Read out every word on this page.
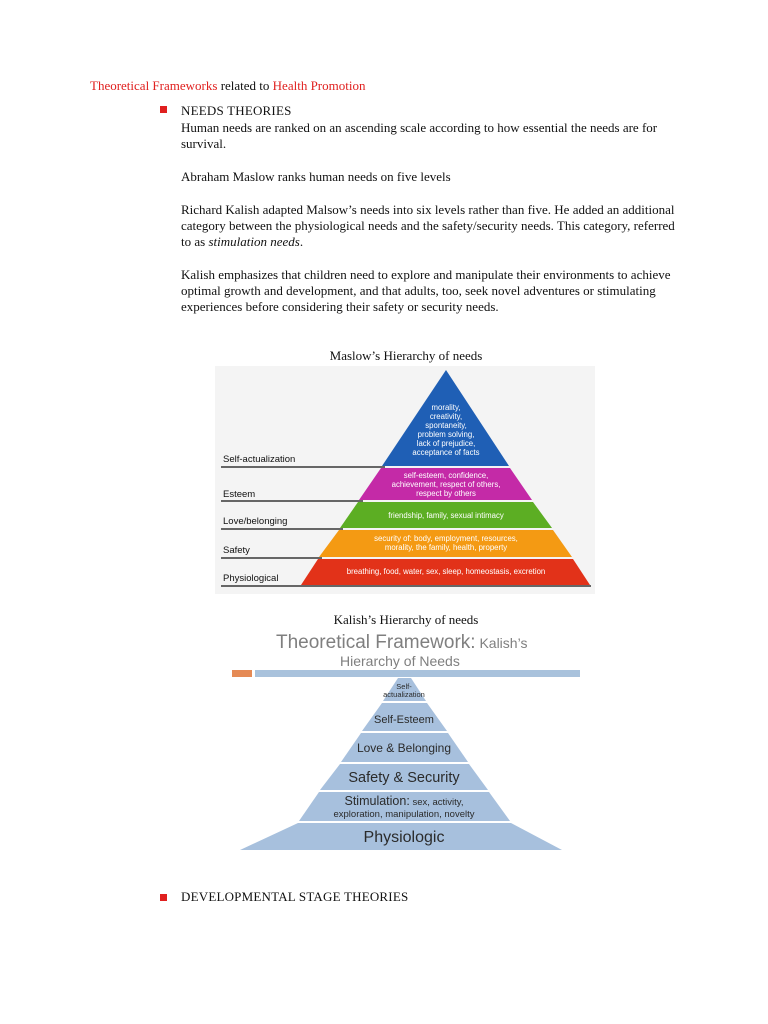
Theoretical Frameworks related to Health Promotion
NEEDS THEORIES
Human needs are ranked on an ascending scale according to how essential the needs are for survival.
Abraham Maslow ranks human needs on five levels
Richard Kalish adapted Malsow’s needs into six levels rather than five. He added an additional category between the physiological needs and the safety/security needs. This category, referred to as stimulation needs.
Kalish emphasizes that children need to explore and manipulate their environments to achieve optimal growth and development, and that adults, too, seek novel adventures or stimulating experiences before considering their safety or security needs.
Maslow’s Hierarchy of needs
Self-actualization
Esteem
Love/belonging
Safety
Physiological
morality,
creativity,
spontaneity,
problem solving,
lack of prejudice,
acceptance of facts
self-esteem, confidence,
achievement, respect of others,
respect by others
friendship, family, sexual intimacy
security of: body, employment, resources,
morality, the family, health, property
breathing, food, water, sex, sleep, homeostasis, excretion
Kalish’s Hierarchy of needs
Theoretical Framework: Kalish’s
Hierarchy of Needs
Self-
actualization
Self-Esteem
Love & Belonging
Safety & Security
Stimulation: sex, activity,
exploration, manipulation, novelty
Physiologic
DEVELOPMENTAL STAGE THEORIES
